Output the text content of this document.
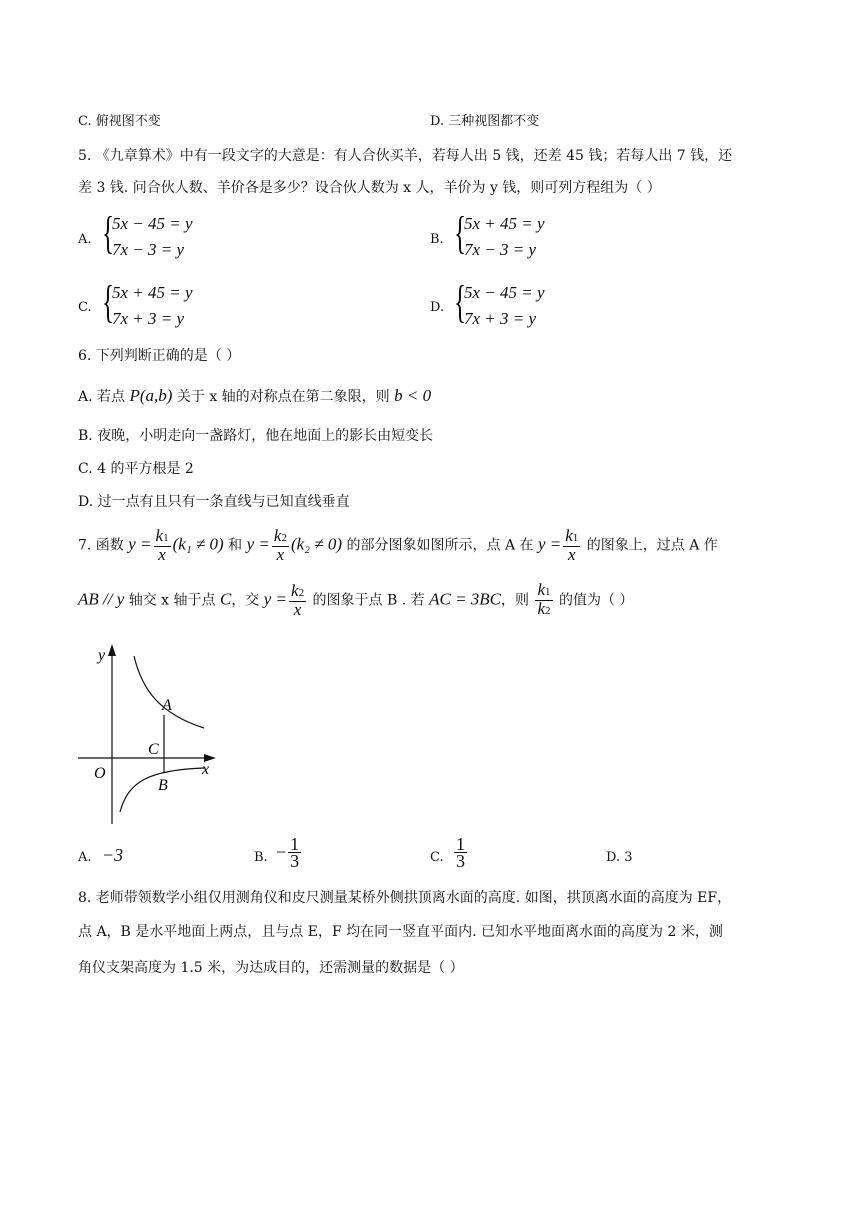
C. 俯视图不变	D. 三种视图都不变
5. 《九章算术》中有一段文字的大意是：有人合伙买羊，若每人出 5 钱，还差 45 钱；若每人出 7 钱，还
差 3 钱. 问合伙人数、羊价各是多少？设合伙人数为 x 人，羊价为 y 钱，则可列方程组为（ ）
A. {
5x − 45 = y
7x − 3 = y
B. {
5x + 45 = y
7x − 3 = y
C. {
5x + 45 = y
7x + 3 = y
D. {
5x − 45 = y
7x + 3 = y
6. 下列判断正确的是（ ）
A. 若点 P(a,b) 关于 x 轴的对称点在第二象限，则 b < 0
B. 夜晚，小明走向一盏路灯，他在地面上的影长由短变长
C. 4 的平方根是 2
D. 过一点有且只有一条直线与已知直线垂直
7. 函数 $y = \frac{k1}{x} (k_1 \ne 0)$ 和 $y = \frac{k2}{x} (k_2 \ne 0)$ 的部分图象如图所示，点 A 在 $y = \frac{k1}{x}$ 的图象上，过点 A 作
AB // y 轴交 x 轴于点 C，交 $y = \frac{k2}{x}$ 的图象于点 B . 若 AC = 3BC，则 $\frac{k1}{k2}$ 的值为（ ）
y
x
O
A
C
B
A. −3	B. − $\frac{1}{3}$	C. $\frac{1}{3}$	D. 3
8. 老师带领数学小组仅用测角仪和皮尺测量某桥外侧拱顶离水面的高度. 如图，拱顶离水面的高度为 EF，
点 A，B 是水平地面上两点，且与点 E，F 均在同一竖直平面内. 已知水平地面离水面的高度为 2 米，测
角仪支架高度为 1.5 米，为达成目的，还需测量的数据是（ ）
